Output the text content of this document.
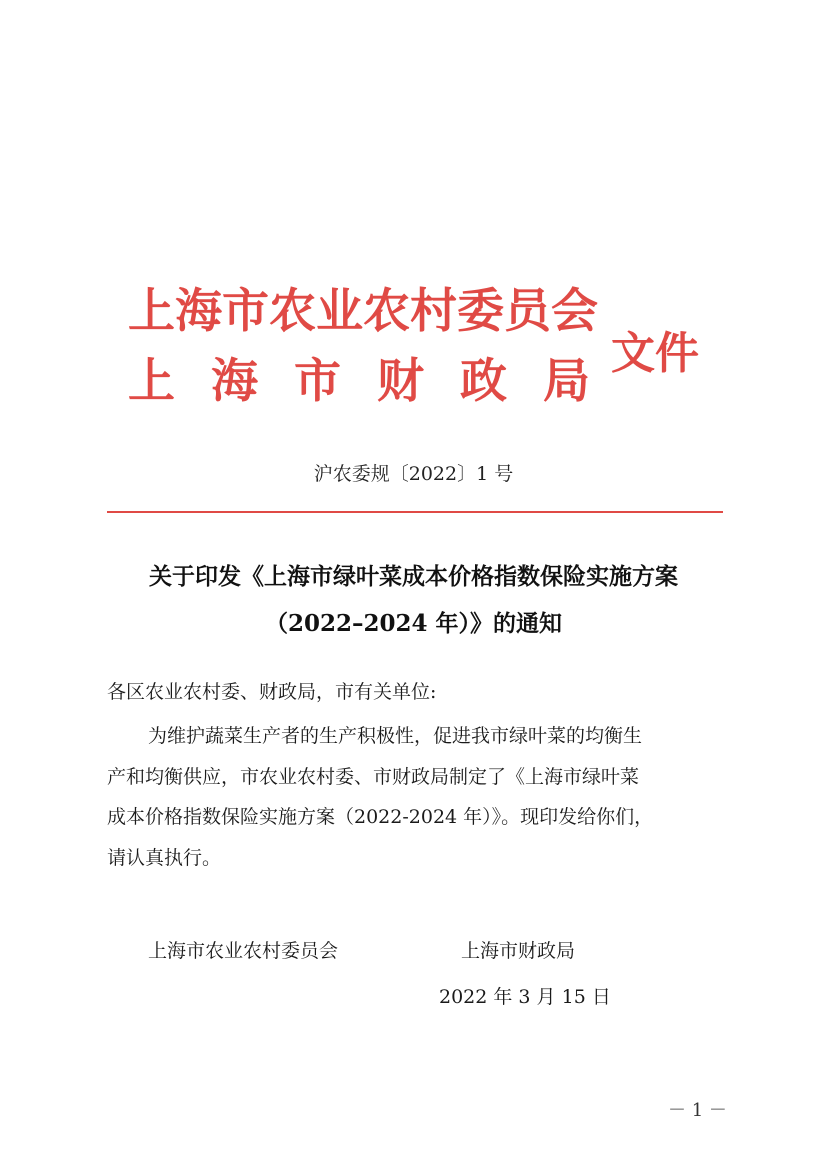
上海市农业农村委员会
上海市财政局
文件
沪农委规〔2022〕1 号
关于印发《上海市绿叶菜成本价格指数保险实施方案
（2022–2024 年）》的通知
各区农业农村委、财政局，市有关单位:
为维护蔬菜生产者的生产积极性，促进我市绿叶菜的均衡生
产和均衡供应，市农业农村委、市财政局制定了《上海市绿叶菜
成本价格指数保险实施方案（2022-2024 年）》。现印发给你们，
请认真执行。
上海市农业农村委员会	上海市财政局
2022 年 3 月 15 日
－ 1 －
